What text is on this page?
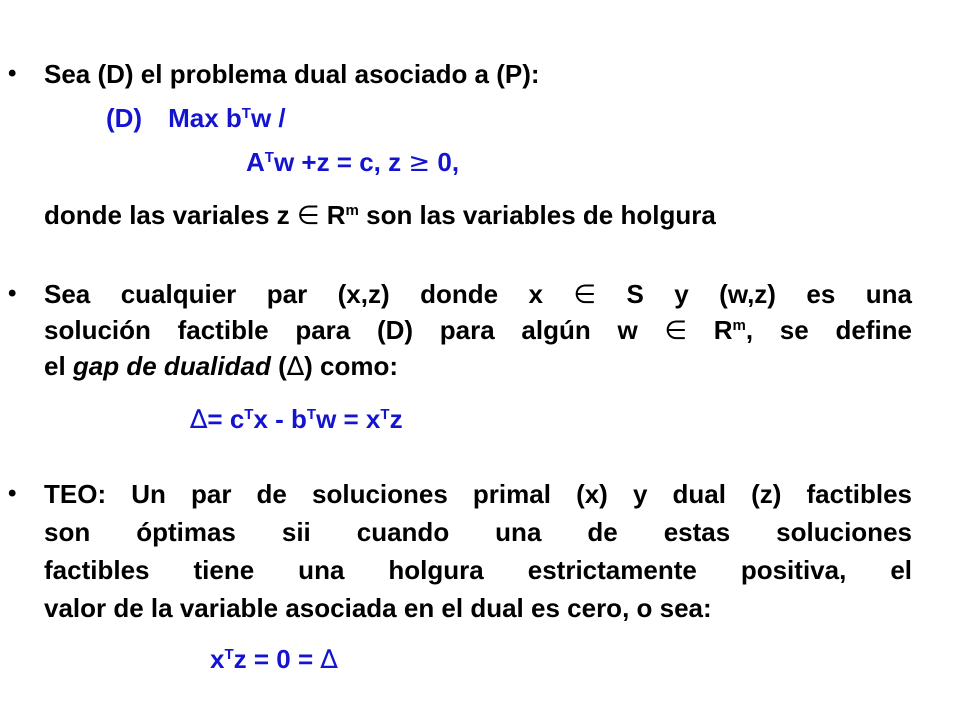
• Sea (D) el problema dual asociado a (P):
(D) Max $b^Tw$ /
$A^Tw +z = c$, z ≥ 0,
donde las variales z ∈ $R^m$ son las variables de holgura
• Sea cualquier par (x,z) donde x ∈ S y (w,z) es una
solución factible para (D) para algún w ∈ $R^m$, se define
el gap de dualidad (∆) como:
∆= $c^Tx - b^Tw = x^Tz$
• TEO: Un par de soluciones primal (x) y dual (z) factibles
son óptimas sii cuando una de estas soluciones
factibles tiene una holgura estrictamente positiva, el
valor de la variable asociada en el dual es cero, o sea:
$x^Tz = 0$ = ∆
